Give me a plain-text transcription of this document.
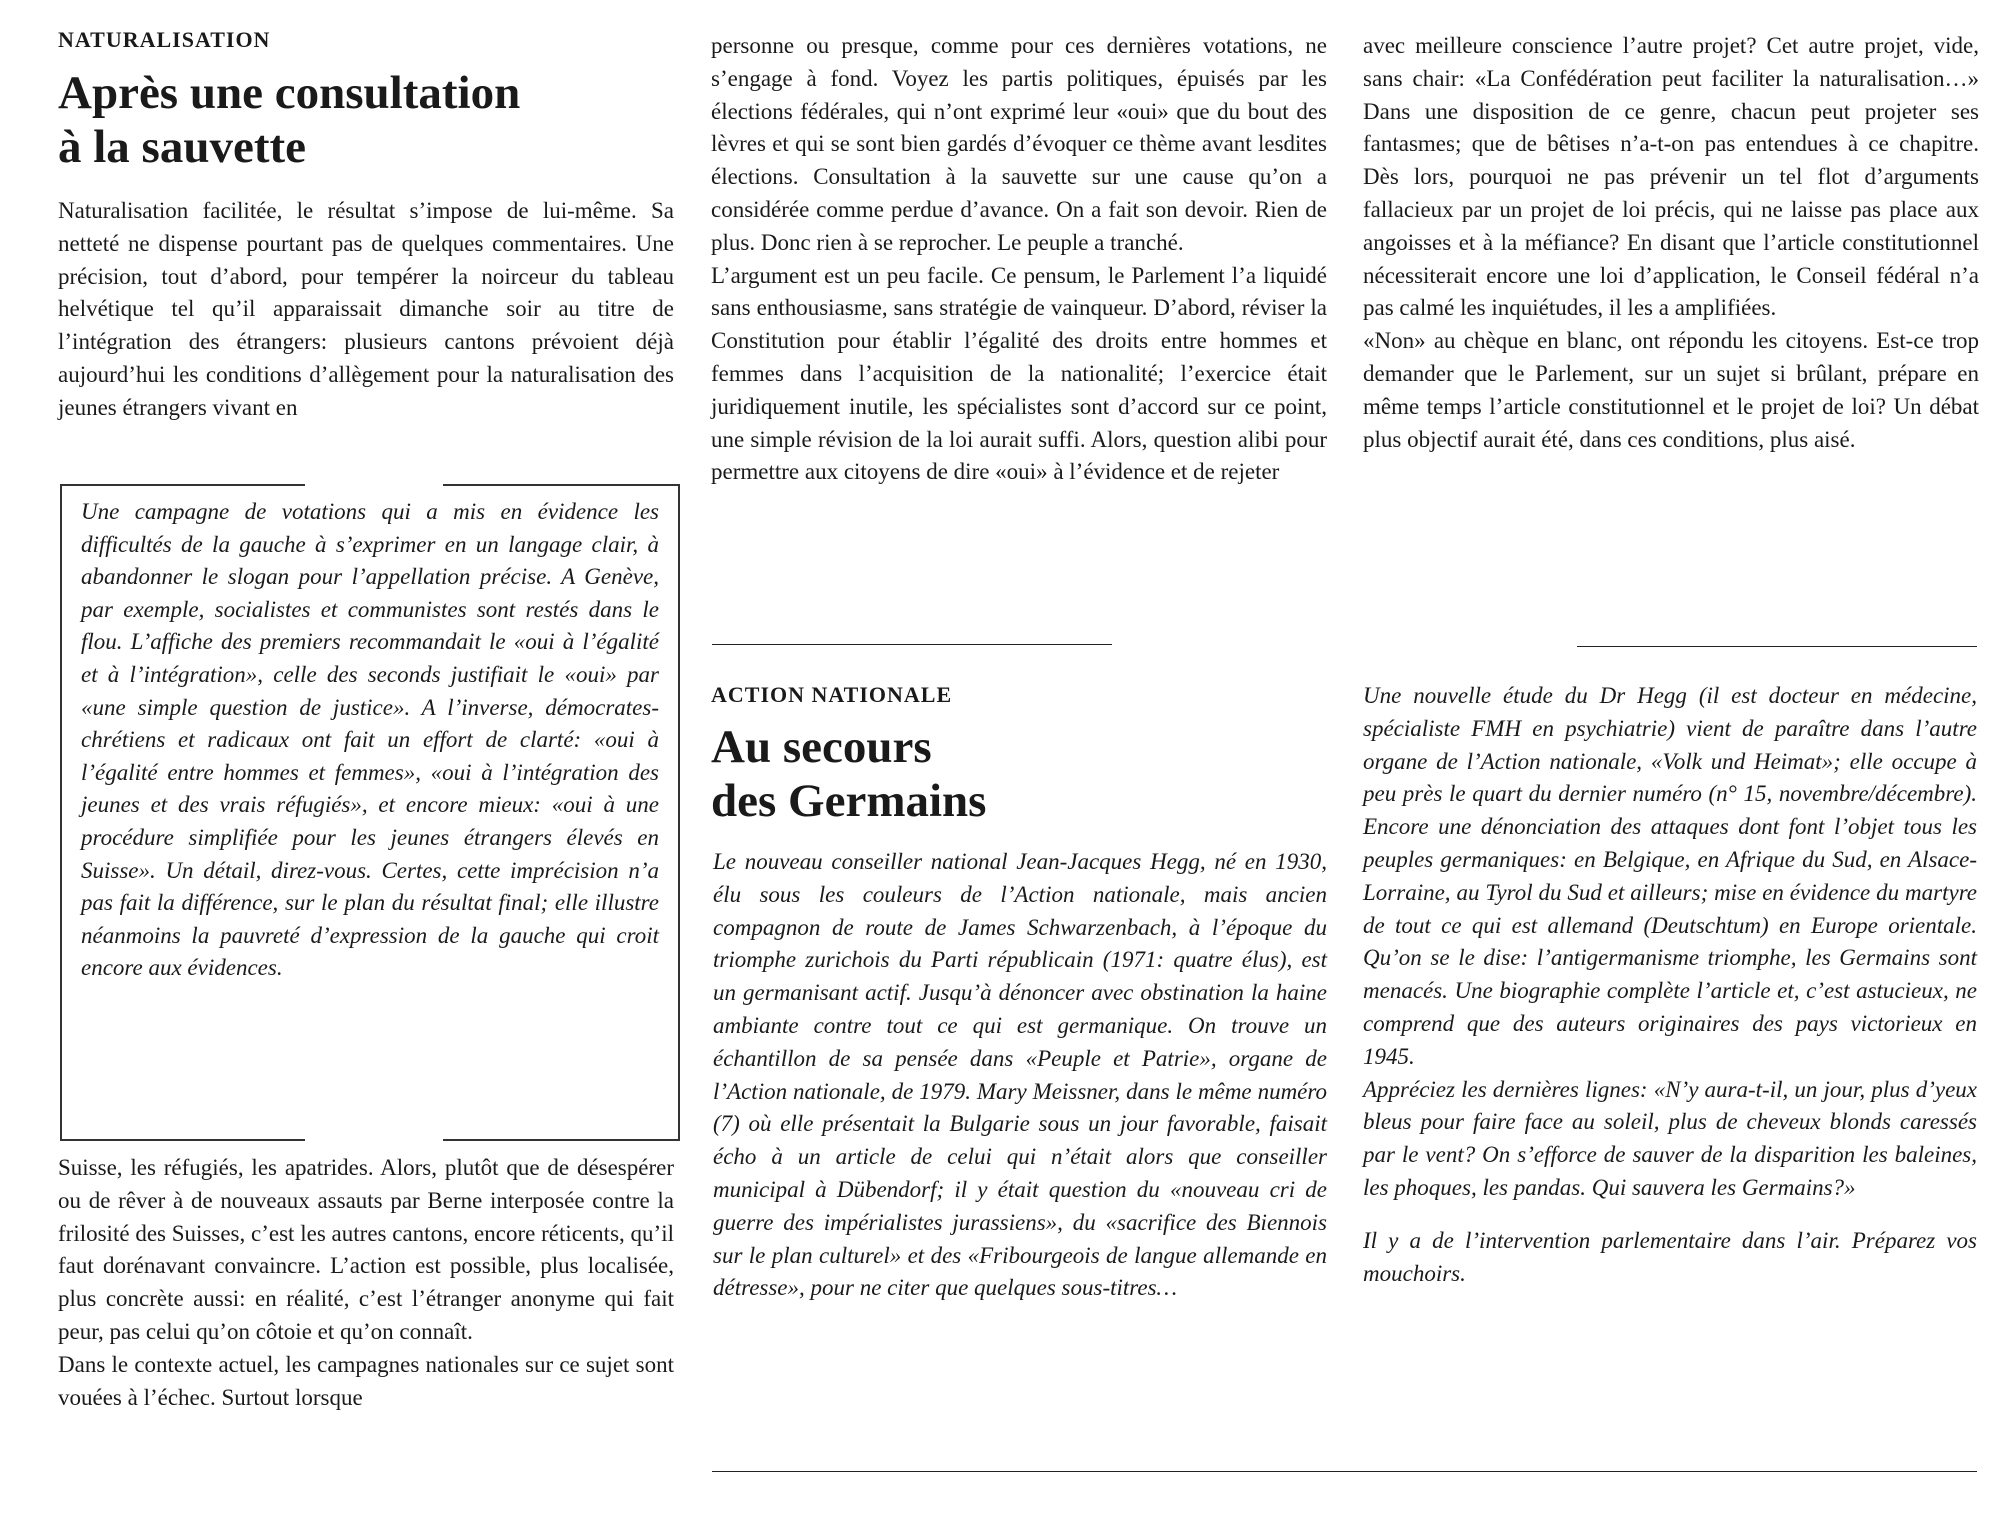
NATURALISATION
Après une consultation
à la sauvette

Naturalisation facilitée, le résultat s’impose de lui-même. Sa netteté ne dispense pourtant pas de quelques commentaires. Une précision, tout d’abord, pour tempérer la noirceur du tableau helvétique tel qu’il apparaissait dimanche soir au titre de l’intégration des étrangers: plusieurs cantons prévoient déjà aujourd’hui les conditions d’allègement pour la naturalisation des jeunes étrangers vivant en

Une campagne de votations qui a mis en évidence les difficultés de la gauche à s’exprimer en un langage clair, à abandonner le slogan pour l’appellation précise. A Genève, par exemple, socialistes et communistes sont restés dans le flou. L’affiche des premiers recommandait le «oui à l’égalité et à l’intégration», celle des seconds justifiait le «oui» par «une simple question de justice». A l’inverse, démocrates-chrétiens et radicaux ont fait un effort de clarté: «oui à l’égalité entre hommes et femmes», «oui à l’intégration des jeunes et des vrais réfugiés», et encore mieux: «oui à une procédure simplifiée pour les jeunes étrangers élevés en Suisse». Un détail, direz-vous. Certes, cette imprécision n’a pas fait la différence, sur le plan du résultat final; elle illustre néanmoins la pauvreté d’expression de la gauche qui croit encore aux évidences.

Suisse, les réfugiés, les apatrides. Alors, plutôt que de désespérer ou de rêver à de nouveaux assauts par Berne interposée contre la frilosité des Suisses, c’est les autres cantons, encore réticents, qu’il faut dorénavant convaincre. L’action est possible, plus localisée, plus concrète aussi: en réalité, c’est l’étranger anonyme qui fait peur, pas celui qu’on côtoie et qu’on connaît.

Dans le contexte actuel, les campagnes nationales sur ce sujet sont vouées à l’échec. Surtout lorsque

personne ou presque, comme pour ces dernières votations, ne s’engage à fond. Voyez les partis politiques, épuisés par les élections fédérales, qui n’ont exprimé leur «oui» que du bout des lèvres et qui se sont bien gardés d’évoquer ce thème avant lesdites élections. Consultation à la sauvette sur une cause qu’on a considérée comme perdue d’avance. On a fait son devoir. Rien de plus. Donc rien à se reprocher. Le peuple a tranché.

L’argument est un peu facile. Ce pensum, le Parlement l’a liquidé sans enthousiasme, sans stratégie de vainqueur. D’abord, réviser la Constitution pour établir l’égalité des droits entre hommes et femmes dans l’acquisition de la nationalité; l’exercice était juridiquement inutile, les spécialistes sont d’accord sur ce point, une simple révision de la loi aurait suffi. Alors, question alibi pour permettre aux citoyens de dire «oui» à l’évidence et de rejeter

avec meilleure conscience l’autre projet? Cet autre projet, vide, sans chair: «La Confédération peut faciliter la naturalisation…» Dans une disposition de ce genre, chacun peut projeter ses fantasmes; que de bêtises n’a-t-on pas entendues à ce chapitre. Dès lors, pourquoi ne pas prévenir un tel flot d’arguments fallacieux par un projet de loi précis, qui ne laisse pas place aux angoisses et à la méfiance? En disant que l’article constitutionnel nécessiterait encore une loi d’application, le Conseil fédéral n’a pas calmé les inquiétudes, il les a amplifiées.

«Non» au chèque en blanc, ont répondu les citoyens. Est-ce trop demander que le Parlement, sur un sujet si brûlant, prépare en même temps l’article constitutionnel et le projet de loi? Un débat plus objectif aurait été, dans ces conditions, plus aisé.

ACTION NATIONALE
Au secours
des Germains

Le nouveau conseiller national Jean-Jacques Hegg, né en 1930, élu sous les couleurs de l’Action nationale, mais ancien compagnon de route de James Schwarzenbach, à l’époque du triomphe zurichois du Parti républicain (1971: quatre élus), est un germanisant actif. Jusqu’à dénoncer avec obstination la haine ambiante contre tout ce qui est germanique. On trouve un échantillon de sa pensée dans «Peuple et Patrie», organe de l’Action nationale, de 1979. Mary Meissner, dans le même numéro (7) où elle présentait la Bulgarie sous un jour favorable, faisait écho à un article de celui qui n’était alors que conseiller municipal à Dübendorf; il y était question du «nouveau cri de guerre des impérialistes jurassiens», du «sacrifice des Biennois sur le plan culturel» et des «Fribourgeois de langue allemande en détresse», pour ne citer que quelques sous-titres…

Une nouvelle étude du Dr Hegg (il est docteur en médecine, spécialiste FMH en psychiatrie) vient de paraître dans l’autre organe de l’Action nationale, «Volk und Heimat»; elle occupe à peu près le quart du dernier numéro (n° 15, novembre/décembre). Encore une dénonciation des attaques dont font l’objet tous les peuples germaniques: en Belgique, en Afrique du Sud, en Alsace-Lorraine, au Tyrol du Sud et ailleurs; mise en évidence du martyre de tout ce qui est allemand (Deutschtum) en Europe orientale. Qu’on se le dise: l’antigermanisme triomphe, les Germains sont menacés. Une biographie complète l’article et, c’est astucieux, ne comprend que des auteurs originaires des pays victorieux en 1945.

Appréciez les dernières lignes: «N’y aura-t-il, un jour, plus d’yeux bleus pour faire face au soleil, plus de cheveux blonds caressés par le vent? On s’efforce de sauver de la disparition les baleines, les phoques, les pandas. Qui sauvera les Germains?»

Il y a de l’intervention parlementaire dans l’air. Préparez vos mouchoirs.
